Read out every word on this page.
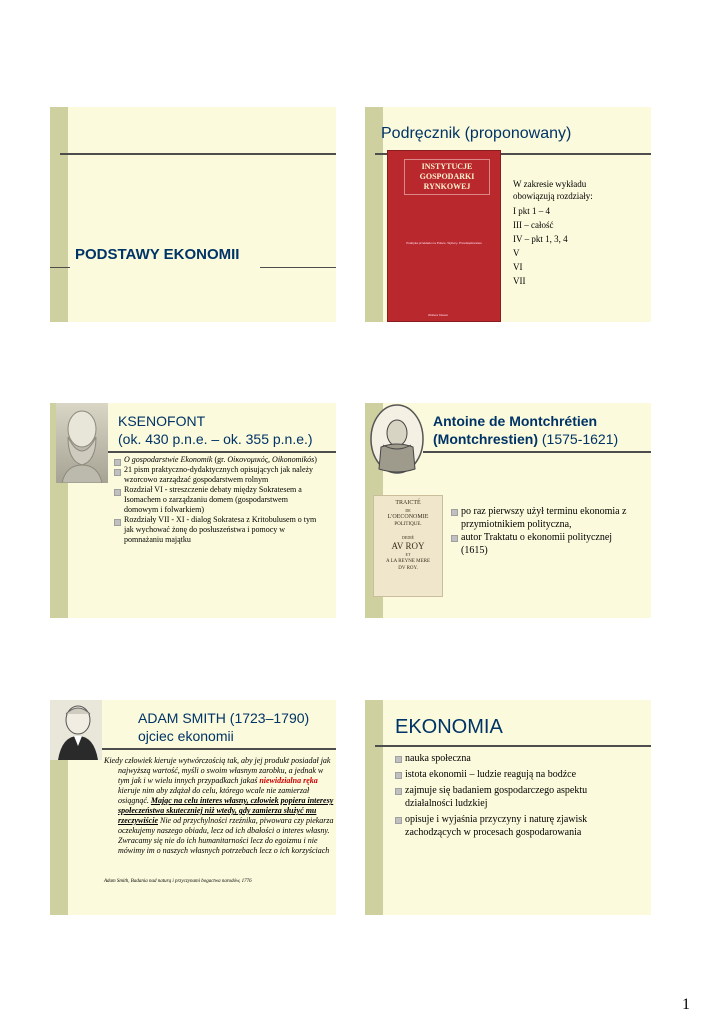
PODSTAWY EKONOMII
Podręcznik (proponowany)
INSTYTUCJE GOSPODARKI RYNKOWEJ
Praktyka przekładu na Polsce. Wybory. Przedsiębiorstwo
Wolters Kluwer
W zakresie wykładu obowiązują rozdziały:
I pkt 1 – 4
III – całość
IV – pkt 1, 3, 4
V
VI
VII
KSENOFONT
(ok. 430 p.n.e. – ok. 355 p.n.e.)
O gospodarstwie Ekonomik (gr. Οἰκονομικός, Oikonomikós)
21 pism praktyczno-dydaktycznych opisujących jak należy wzorcowo zarządzać gospodarstwem rolnym
Rozdział VI - streszczenie debaty między Sokratesem a Isomachem o zarządzaniu domem (gospodarstwem domowym i folwarkiem)
Rozdziały VII - XI - dialog Sokratesa z Kritobulusem o tym jak wychować żonę do posłuszeństwa i pomocy w pomnażaniu majątku
Antoine de Montchrétien
(Montchrestien) (1575-1621)
TRAICTÉ
DE
L'OECONOMIE
POLITIQUE.
DEDIÉ
AV ROY
ET
A LA REYNE MERE
DV ROY.
po raz pierwszy użył terminu ekonomia z przymiotnikiem polityczna,
autor Traktatu o ekonomii politycznej (1615)
ADAM SMITH (1723–1790)
ojciec ekonomii
Kiedy człowiek kieruje wytwórczością tak, aby jej produkt posiadał jak najwyższą wartość, myśli o swoim własnym zarobku, a jednak w tym jak i w wielu innych przypadkach jakaś niewidzialna ręka kieruje nim aby zdążał do celu, którego wcale nie zamierzał osiągnąć. Mając na celu interes własny, człowiek popiera interesy społeczeństwa skuteczniej niż wtedy, gdy zamierza służyć mu rzeczywiście Nie od przychylności rzeźnika, piwowara czy piekarza oczekujemy naszego obiadu, lecz od ich dbałości o interes własny. Zwracamy się nie do ich humanitarności lecz do egoizmu i nie mówimy im o naszych własnych potrzebach lecz o ich korzyściach
Adam Smith, Badania nad naturą i przyczynami bogactwa narodów, 1776
EKONOMIA
nauka społeczna
istota ekonomii – ludzie reagują na bodźce
zajmuje się badaniem gospodarczego aspektu działalności ludzkiej
opisuje i wyjaśnia przyczyny i naturę zjawisk zachodzących w procesach gospodarowania
1
